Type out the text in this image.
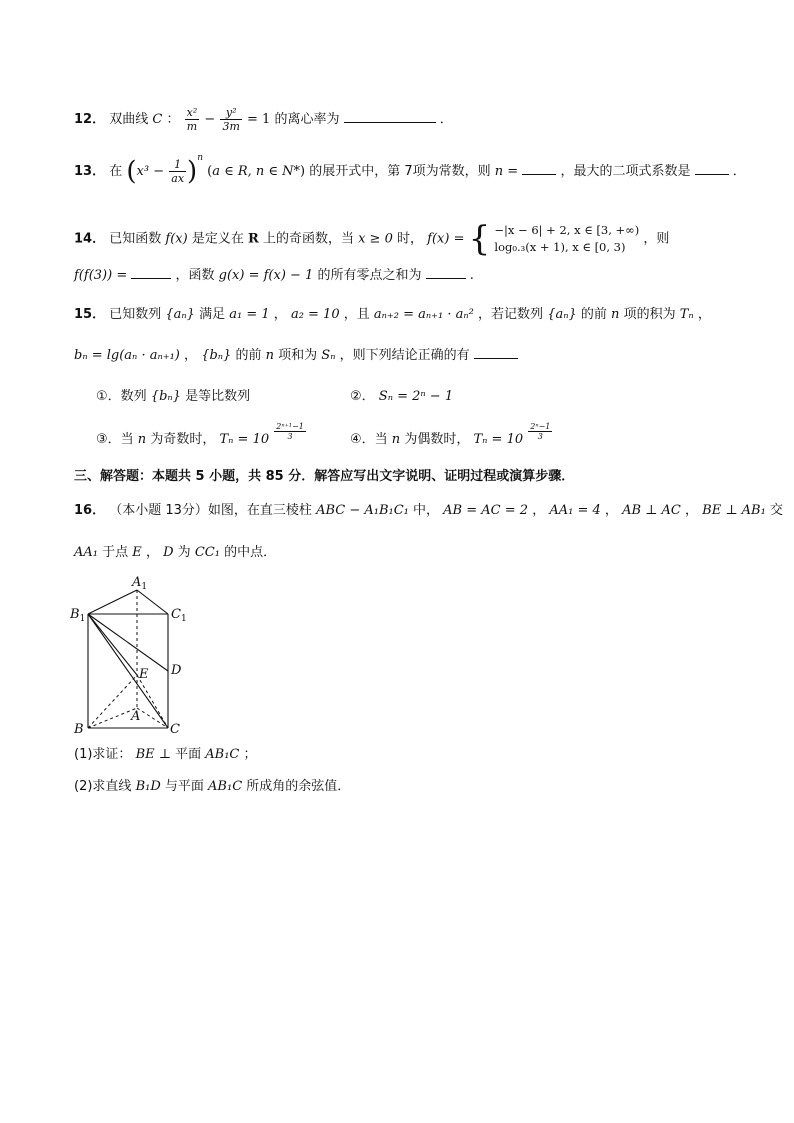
12． 双曲线 C ： $\frac{\text{x²}}{m} - \frac{\text{y²}}{3m} = 1$ 的离心率为	．
13． 在 $(x^3 - \frac{1}{ax} )^n$ (a ∈ R, n ∈ N*) 的展开式中，第 7项为常数，则 n =	，最大的二项式系数是	．
14． 已知函数 f(x) 是定义在 R 上的奇函数，当 x ≥ 0 时， f(x) = { −|x − 6| + 2, x ∈ [3, +∞)
log₀.₃(x + 1), x ∈ [0, 3)
，则
f(f(3)) =	，函数 g(x) = f(x) − 1 的所有零点之和为	.
15． 已知数列 {aₙ} 满足 a₁ = 1 ， a₂ = 10 ，且 aₙ₊₂ = aₙ₊₁ · aₙ² ，若记数列 {aₙ} 的前 n 项的积为 Tₙ ，
bₙ = lg(aₙ · aₙ₊₁) ， {bₙ} 的前 n 项和为 Sₙ ，则下列结论正确的有
①．数列 {bₙ} 是等比数列	②． Sₙ = 2ⁿ − 1
③．当 n 为奇数时， $T_n = 10 \frac{\text{2ⁿ⁺¹−1}}{3}$	④．当 n 为偶数时， $T_n = 10 \frac{\text{2ⁿ−1}}{3}$
三、解答题：本题共 5 小题，共 85 分．解答应写出文字说明、证明过程或演算步骤．
16． （本小题 13分）如图，在直三棱柱 ABC − A₁B₁C₁ 中， AB = AC = 2 ， AA₁ = 4 ， AB ⊥ AC ， BE ⊥ AB₁ 交
AA₁ 于点 E ， D 为 CC₁ 的中点．
$A_1$
$B_1$	$C_1$
E D
A
B	C
(1)求证： BE ⊥ 平面 AB₁C ；
(2)求直线 B₁D 与平面 AB₁C 所成角的余弦值．
